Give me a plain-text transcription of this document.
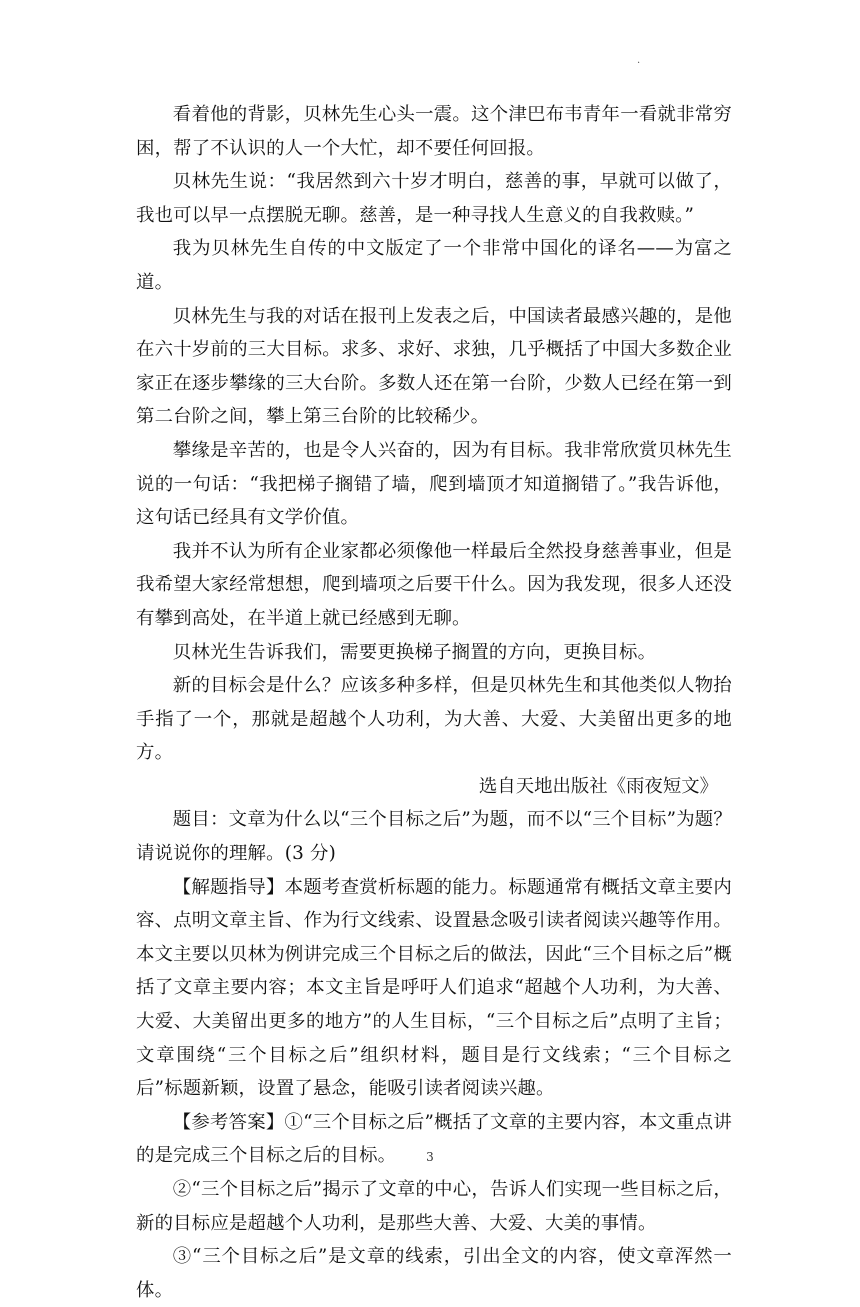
.

看着他的背影，贝林先生心头一震。这个津巴布韦青年一看就非常穷困，帮了不认识的人一个大忙，却不要任何回报。

贝林先生说：“我居然到六十岁才明白，慈善的事，早就可以做了，我也可以早一点摆脱无聊。慈善，是一种寻找人生意义的自我救赎。”

我为贝林先生自传的中文版定了一个非常中国化的译名——为富之道。

贝林先生与我的对话在报刊上发表之后，中国读者最感兴趣的，是他在六十岁前的三大目标。求多、求好、求独，几乎概括了中国大多数企业家正在逐步攀缘的三大台阶。多数人还在第一台阶，少数人已经在第一到第二台阶之间，攀上第三台阶的比较稀少。

攀缘是辛苦的，也是令人兴奋的，因为有目标。我非常欣赏贝林先生说的一句话：“我把梯子搁错了墙，爬到墙顶才知道搁错了。”我告诉他，这句话已经具有文学价值。

我并不认为所有企业家都必须像他一样最后全然投身慈善事业，但是我希望大家经常想想，爬到墙项之后要干什么。因为我发现，很多人还没有攀到高处，在半道上就已经感到无聊。

贝林光生告诉我们，需要更换梯子搁置的方向，更换目标。

新的目标会是什么？应该多种多样，但是贝林先生和其他类似人物抬手指了一个，那就是超越个人功利，为大善、大爱、大美留出更多的地方。

选自天地出版社《雨夜短文》

题目：文章为什么以“三个目标之后”为题，而不以“三个目标”为题？请说说你的理解。(3 分)

【解题指导】本题考查赏析标题的能力。标题通常有概括文章主要内容、点明文章主旨、作为行文线索、设置悬念吸引读者阅读兴趣等作用。本文主要以贝林为例讲完成三个目标之后的做法，因此“三个目标之后”概括了文章主要内容；本文主旨是呼吁人们追求“超越个人功利，为大善、大爱、大美留出更多的地方”的人生目标，“三个目标之后”点明了主旨；文章围绕“三个目标之后”组织材料，题目是行文线索；“三个目标之后”标题新颖，设置了悬念，能吸引读者阅读兴趣。

【参考答案】①“三个目标之后”概括了文章的主要内容，本文重点讲的是完成三个目标之后的目标。

②“三个目标之后”揭示了文章的中心，告诉人们实现一些目标之后，新的目标应是超越个人功利，是那些大善、大爱、大美的事情。

③“三个目标之后”是文章的线索，引出全文的内容，使文章浑然一体。

3
